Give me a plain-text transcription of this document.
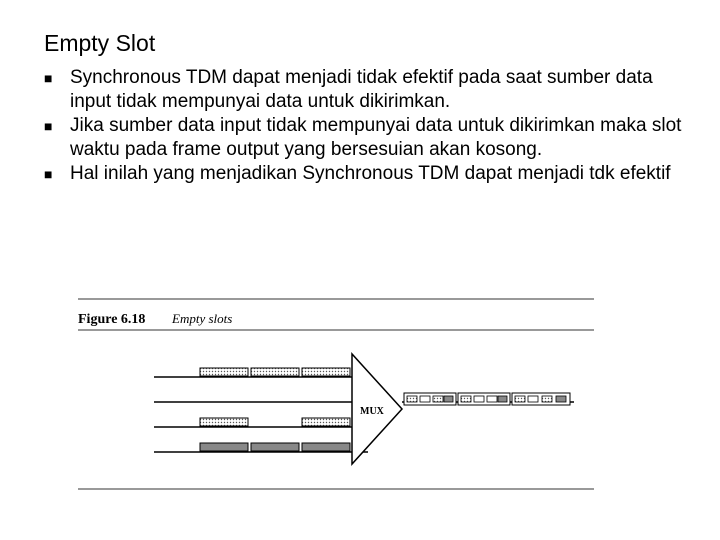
Empty Slot
■ Synchronous TDM dapat menjadi tidak efektif pada saat sumber data input tidak mempunyai data untuk dikirimkan.
■ Jika sumber data input tidak mempunyai data untuk dikirimkan maka slot waktu pada frame output yang bersesuian akan kosong.
■ Hal inilah yang menjadikan Synchronous TDM dapat menjadi tdk efektif
Figure 6.18 Empty slots
MUX
